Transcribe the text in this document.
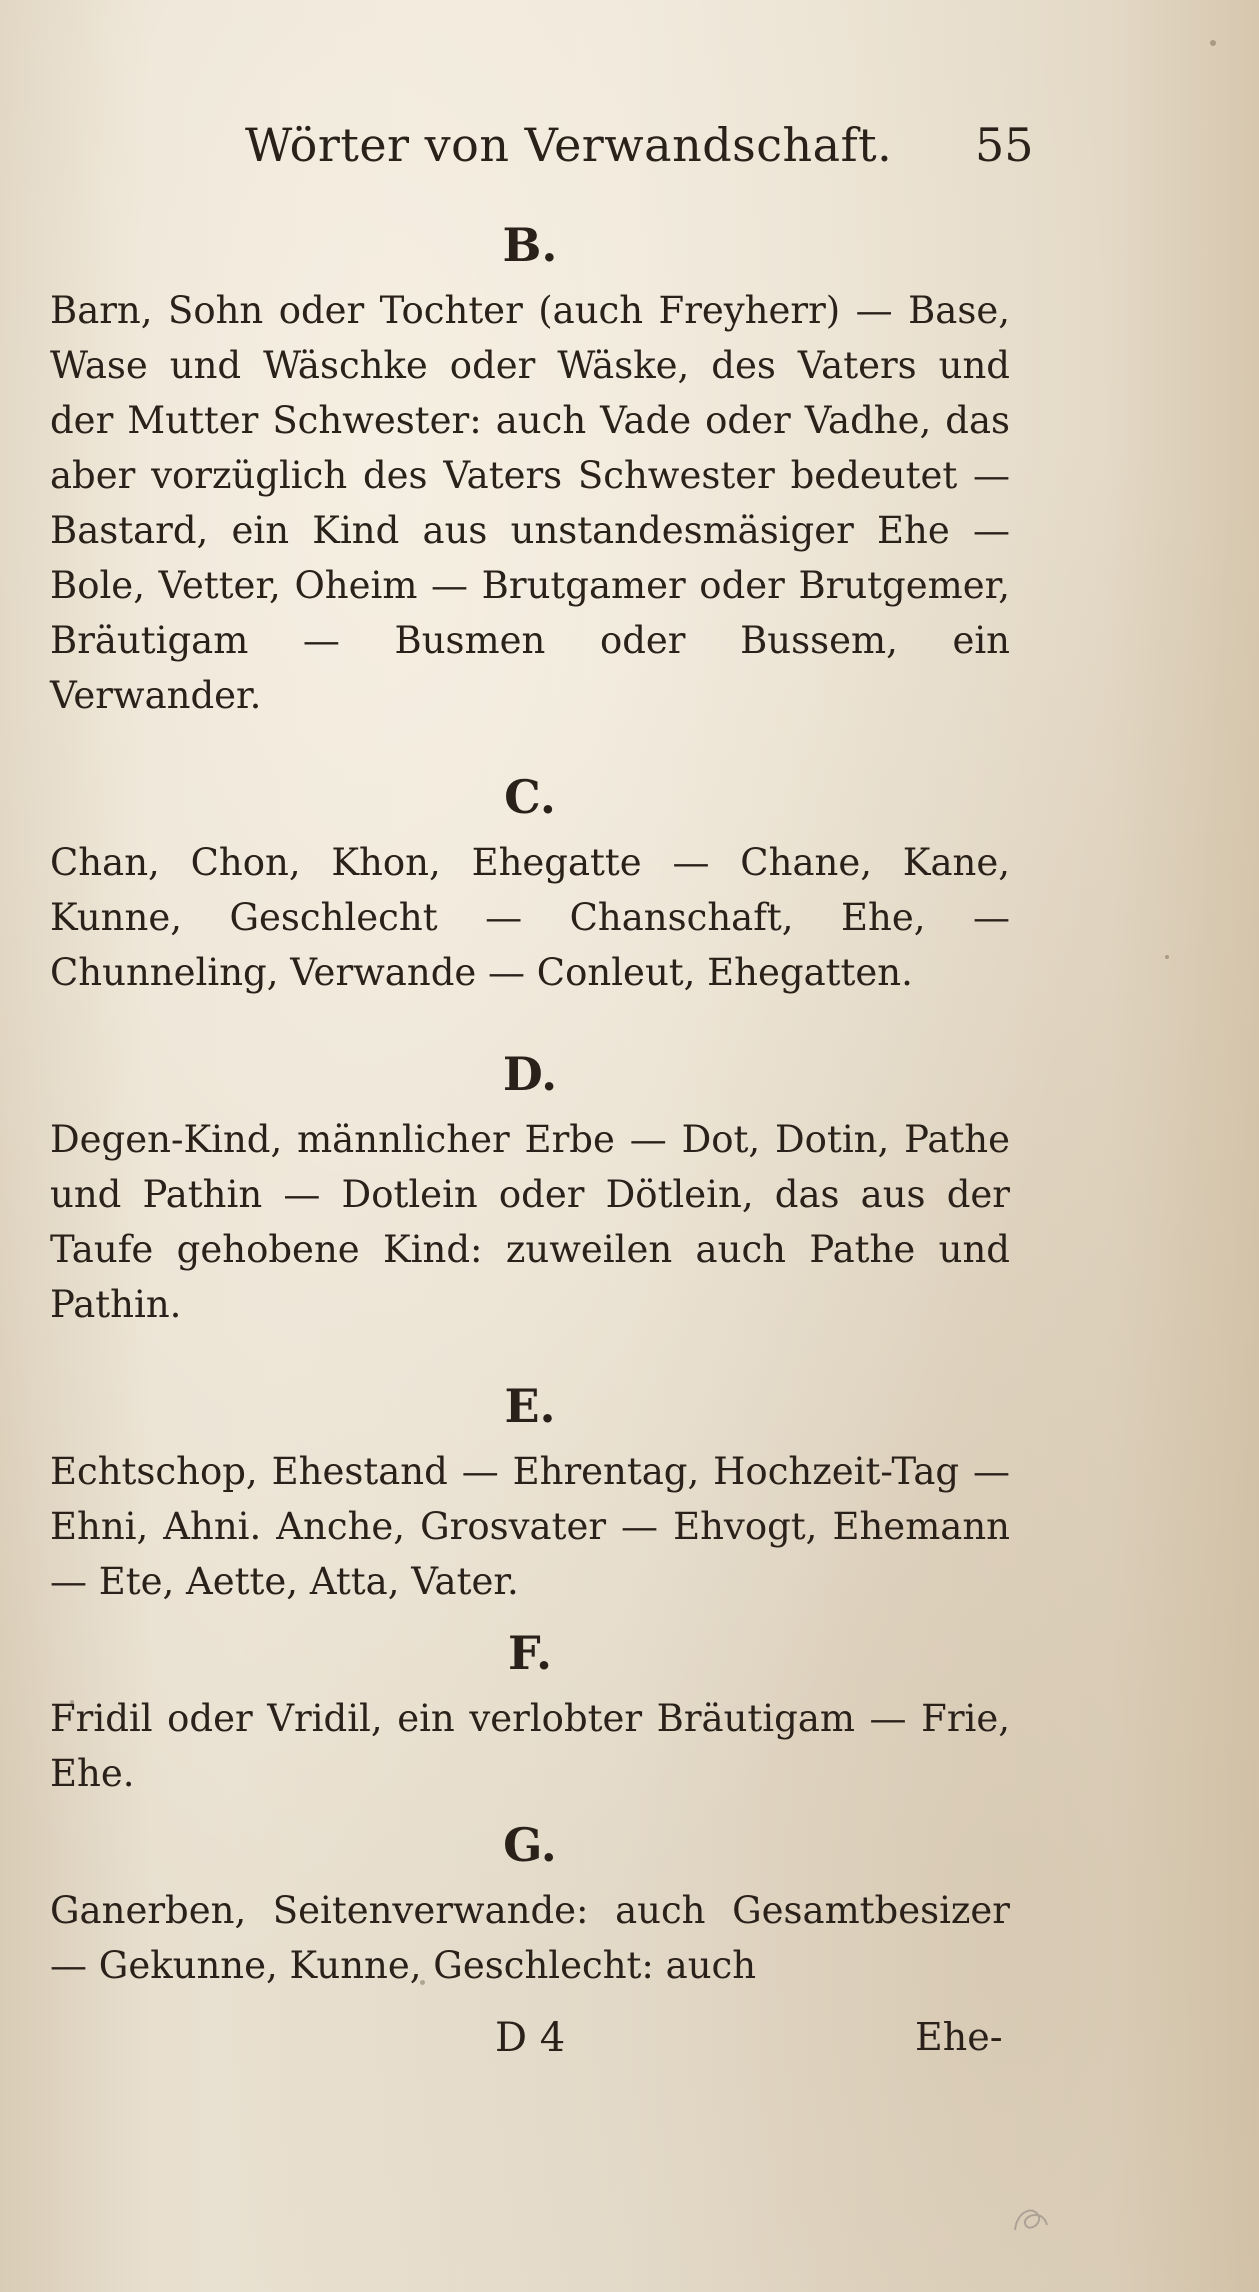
Wörter von Verwandschaft. 55
B.

Barn, Sohn oder Tochter (auch Freyherr) — Base, Wase und Wäschke oder Wäske, des Vaters und der Mutter Schwester: auch Vade oder Vadhe, das aber vorzüglich des Vaters Schwester bedeutet — Bastard, ein Kind aus unstandesmäsiger Ehe — Bole, Vetter, Oheim — Brutgamer oder Brutgemer, Bräutigam — Busmen oder Bussem, ein Verwander.

C.

Chan, Chon, Khon, Ehegatte — Chane, Kane, Kunne, Geschlecht — Chanschaft, Ehe, — Chunneling, Verwande — Conleut, Ehegatten.

D.

Degen-Kind, männlicher Erbe — Dot, Dotin, Pathe und Pathin — Dotlein oder Dötlein, das aus der Taufe gehobene Kind: zuweilen auch Pathe und Pathin.

E.

Echtschop, Ehestand — Ehrentag, Hochzeit-Tag — Ehni, Ahni. Anche, Grosvater — Ehvogt, Ehemann — Ete, Aette, Atta, Vater.

F.

Fridil oder Vridil, ein verlobter Bräutigam — Frie, Ehe.

G.

Ganerben, Seitenverwande: auch Gesamtbesizer — Gekunne, Kunne, Geschlecht: auch

D 4	Ehe-
